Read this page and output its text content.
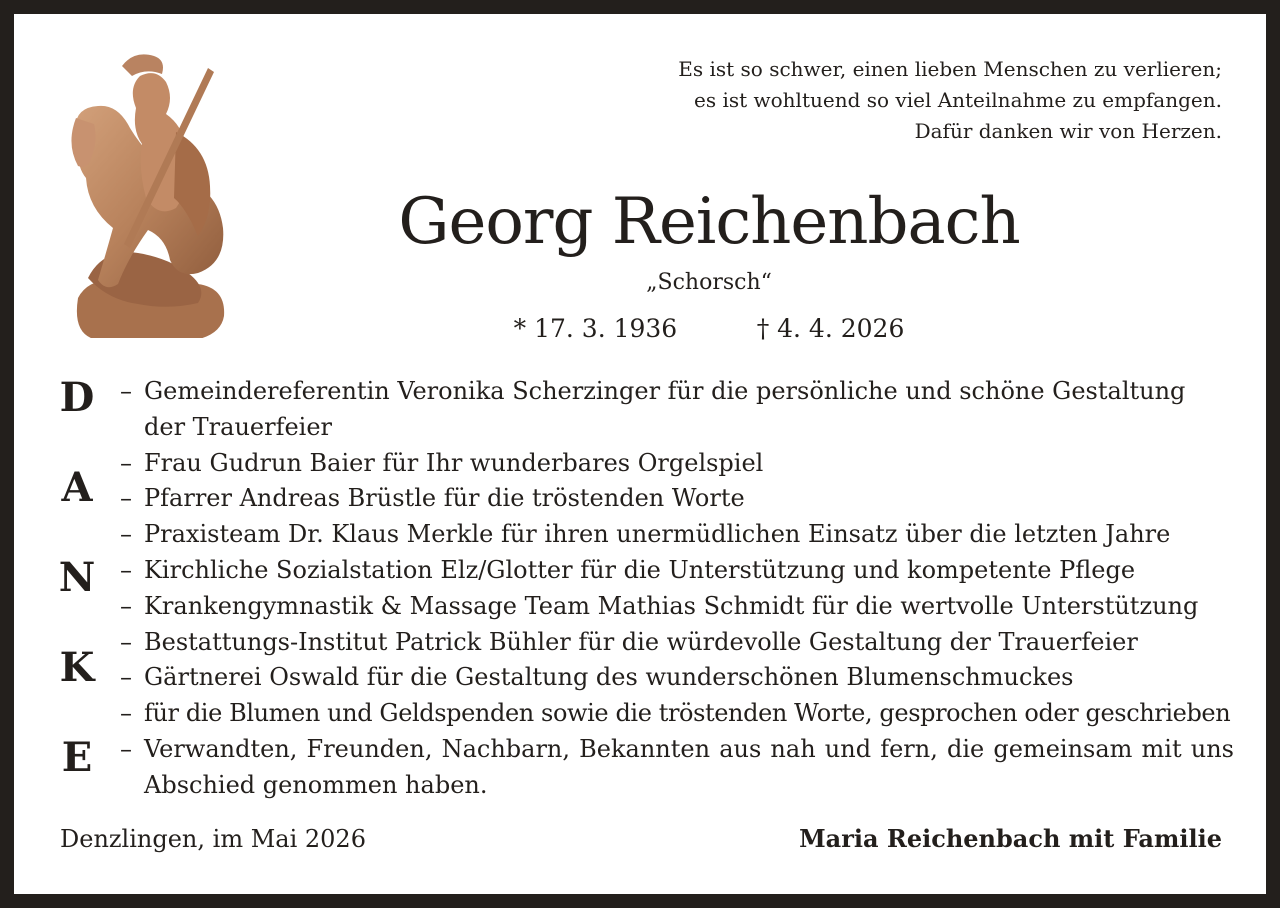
Es ist so schwer, einen lieben Menschen zu verlieren;
es ist wohltuend so viel Anteilnahme zu empfangen.
Dafür danken wir von Herzen.
Georg Reichenbach
„Schorsch“
* 17. 3. 1936	† 4. 4. 2026
D
A
N
K
E
– Gemeindereferentin Veronika Scherzinger für die persönliche und schöne Gestaltung
der Trauerfeier
– Frau Gudrun Baier für Ihr wunderbares Orgelspiel
– Pfarrer Andreas Brüstle für die tröstenden Worte
– Praxisteam Dr. Klaus Merkle für ihren unermüdlichen Einsatz über die letzten Jahre
– Kirchliche Sozialstation Elz/Glotter für die Unterstützung und kompetente Pflege
– Krankengymnastik & Massage Team Mathias Schmidt für die wertvolle Unterstützung
– Bestattungs-Institut Patrick Bühler für die würdevolle Gestaltung der Trauerfeier
– Gärtnerei Oswald für die Gestaltung des wunderschönen Blumenschmuckes
– für die Blumen und Geldspenden sowie die tröstenden Worte, gesprochen oder geschrieben
– Verwandten, Freunden, Nachbarn, Bekannten aus nah und fern, die gemeinsam mit uns
Abschied genommen haben.
Denzlingen, im Mai 2026	Maria Reichenbach mit Familie
